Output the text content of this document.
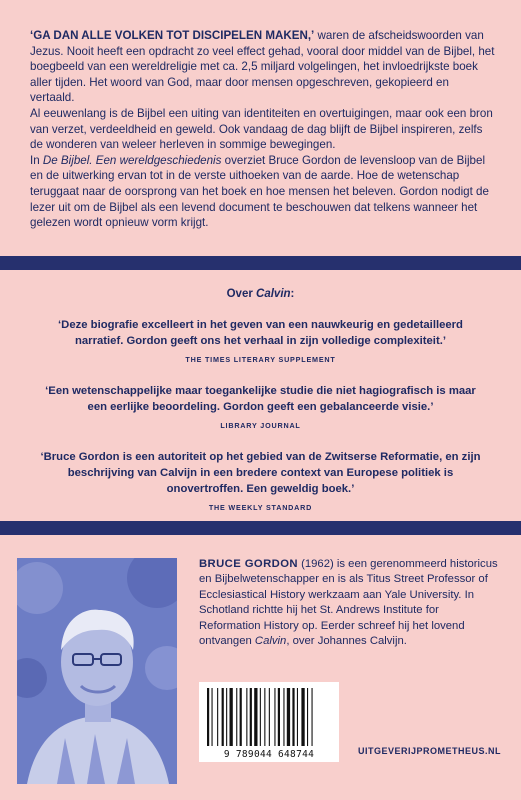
‘GA DAN ALLE VOLKEN TOT DISCIPELEN MAKEN,’ waren de afscheidswoorden van Jezus. Nooit heeft een opdracht zo veel effect gehad, vooral door middel van de Bijbel, het boegbeeld van een wereldreligie met ca. 2,5 miljard volgelingen, het invloedrijkste boek aller tijden. Het woord van God, maar door mensen opgeschreven, gekopieerd en vertaald.

Al eeuwenlang is de Bijbel een uiting van identiteiten en overtuigingen, maar ook een bron van verzet, verdeeldheid en geweld. Ook vandaag de dag blijft de Bijbel inspireren, zelfs de wonderen van weleer herleven in sommige bewegingen.

In De Bijbel. Een wereldgeschiedenis overziet Bruce Gordon de levensloop van de Bijbel en de uitwerking ervan tot in de verste uithoeken van de aarde. Hoe de wetenschap teruggaat naar de oorsprong van het boek en hoe mensen het beleven. Gordon nodigt de lezer uit om de Bijbel als een levend document te beschouwen dat telkens wanneer het gelezen wordt opnieuw vorm krijgt.

Over Calvin:
‘Deze biografie excelleert in het geven van een nauwkeurig en gedetailleerd narratief. Gordon geeft ons het verhaal in zijn volledige complexiteit.’
THE TIMES LITERARY SUPPLEMENT
‘Een wetenschappelijke maar toegankelijke studie die niet hagiografisch is maar een eerlijke beoordeling. Gordon geeft een gebalanceerde visie.’
LIBRARY JOURNAL
‘Bruce Gordon is een autoriteit op het gebied van de Zwitserse Reformatie, en zijn beschrijving van Calvijn in een bredere context van Europese politiek is onovertroffen. Een geweldig boek.’
THE WEEKLY STANDARD

BRUCE GORDON (1962) is een gerenommeerd historicus en Bijbelwetenschapper en is als Titus Street Professor of Ecclesiastical History werkzaam aan Yale University. In Schotland richtte hij het St. Andrews Institute for Reformation History op. Eerder schreef hij het lovend ontvangen Calvin, over Johannes Calvijn.

9 789044 648744	UITGEVERIJPROMETHEUS.NL
